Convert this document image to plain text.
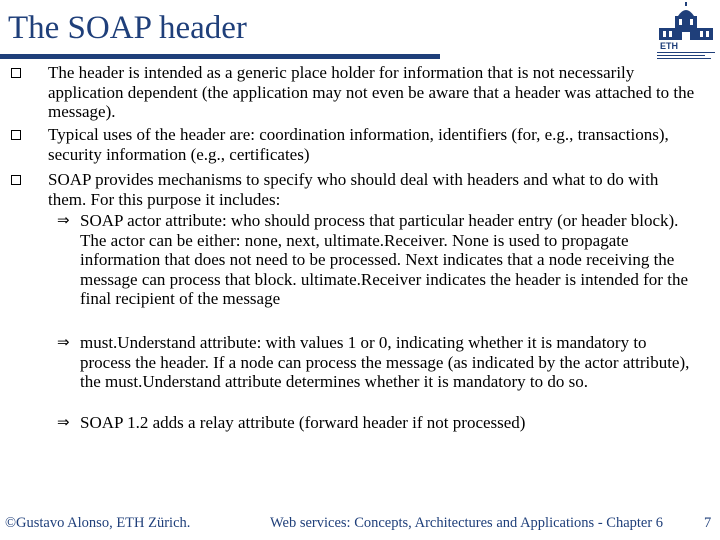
The SOAP header	ETH
The header is intended as a generic place holder for information that is not necessarily application dependent (the application may not even be aware that a header was attached to the message).
Typical uses of the header are: coordination information, identifiers (for, e.g., transactions), security information (e.g., certificates)
SOAP provides mechanisms to specify who should deal with headers and what to do with them. For this purpose it includes:
⇒ SOAP actor attribute: who should process that particular header entry (or header block). The actor can be either: none, next, ultimate.Receiver. None is used to propagate information that does not need to be processed. Next indicates that a node receiving the message can process that block. ultimate.Receiver indicates the header is intended for the final recipient of the message
⇒ must.Understand attribute: with values 1 or 0, indicating whether it is mandatory to process the header. If a node can process the message (as indicated by the actor attribute), the must.Understand attribute determines whether it is mandatory to do so.
⇒ SOAP 1.2 adds a relay attribute (forward header if not processed)
©Gustavo Alonso, ETH Zürich.	Web services: Concepts, Architectures and Applications - Chapter 6	7
